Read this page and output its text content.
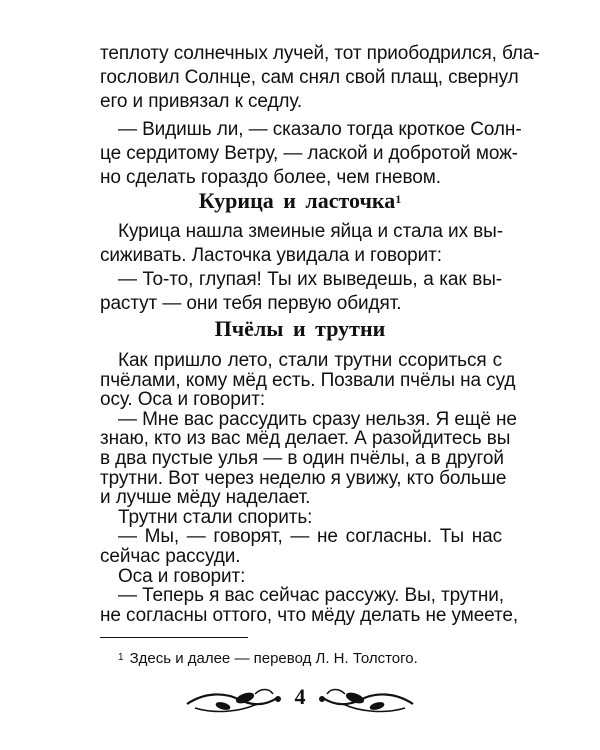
теплоту солнечных лучей, тот приободрился, бла-
гословил Солнце, сам снял свой плащ, свернул
его и привязал к седлу.
— Видишь ли, — сказало тогда кроткое Солн-
це сердитому Ветру, — лаской и добротой мож-
но сделать гораздо более, чем гневом.
Курица и ласточка$^1$
Курица нашла змеиные яйца и стала их вы-
сиживать. Ласточка увидала и говорит:
— То-то, глупая! Ты их выведешь, а как вы-
растут — они тебя первую обидят.
Пчёлы и трутни
Как пришло лето, стали трутни ссориться с
пчёлами, кому мёд есть. Позвали пчёлы на суд
осу. Оса и говорит:
— Мне вас рассудить сразу нельзя. Я ещё не
знаю, кто из вас мёд делает. А разойдитесь вы
в два пустые улья — в один пчёлы, а в другой
трутни. Вот через неделю я увижу, кто больше
и лучше мёду наделает.
Трутни стали спорить:
— Мы, — говорят, — не согласны. Ты нас
сейчас рассуди.
Оса и говорит:
$^1$ Здесь и далее — перевод Л. Н. Толстого.
4
— Теперь я вас сейчас рассужу. Вы, трутни,
не согласны оттого, что мёду делать не умеете,
